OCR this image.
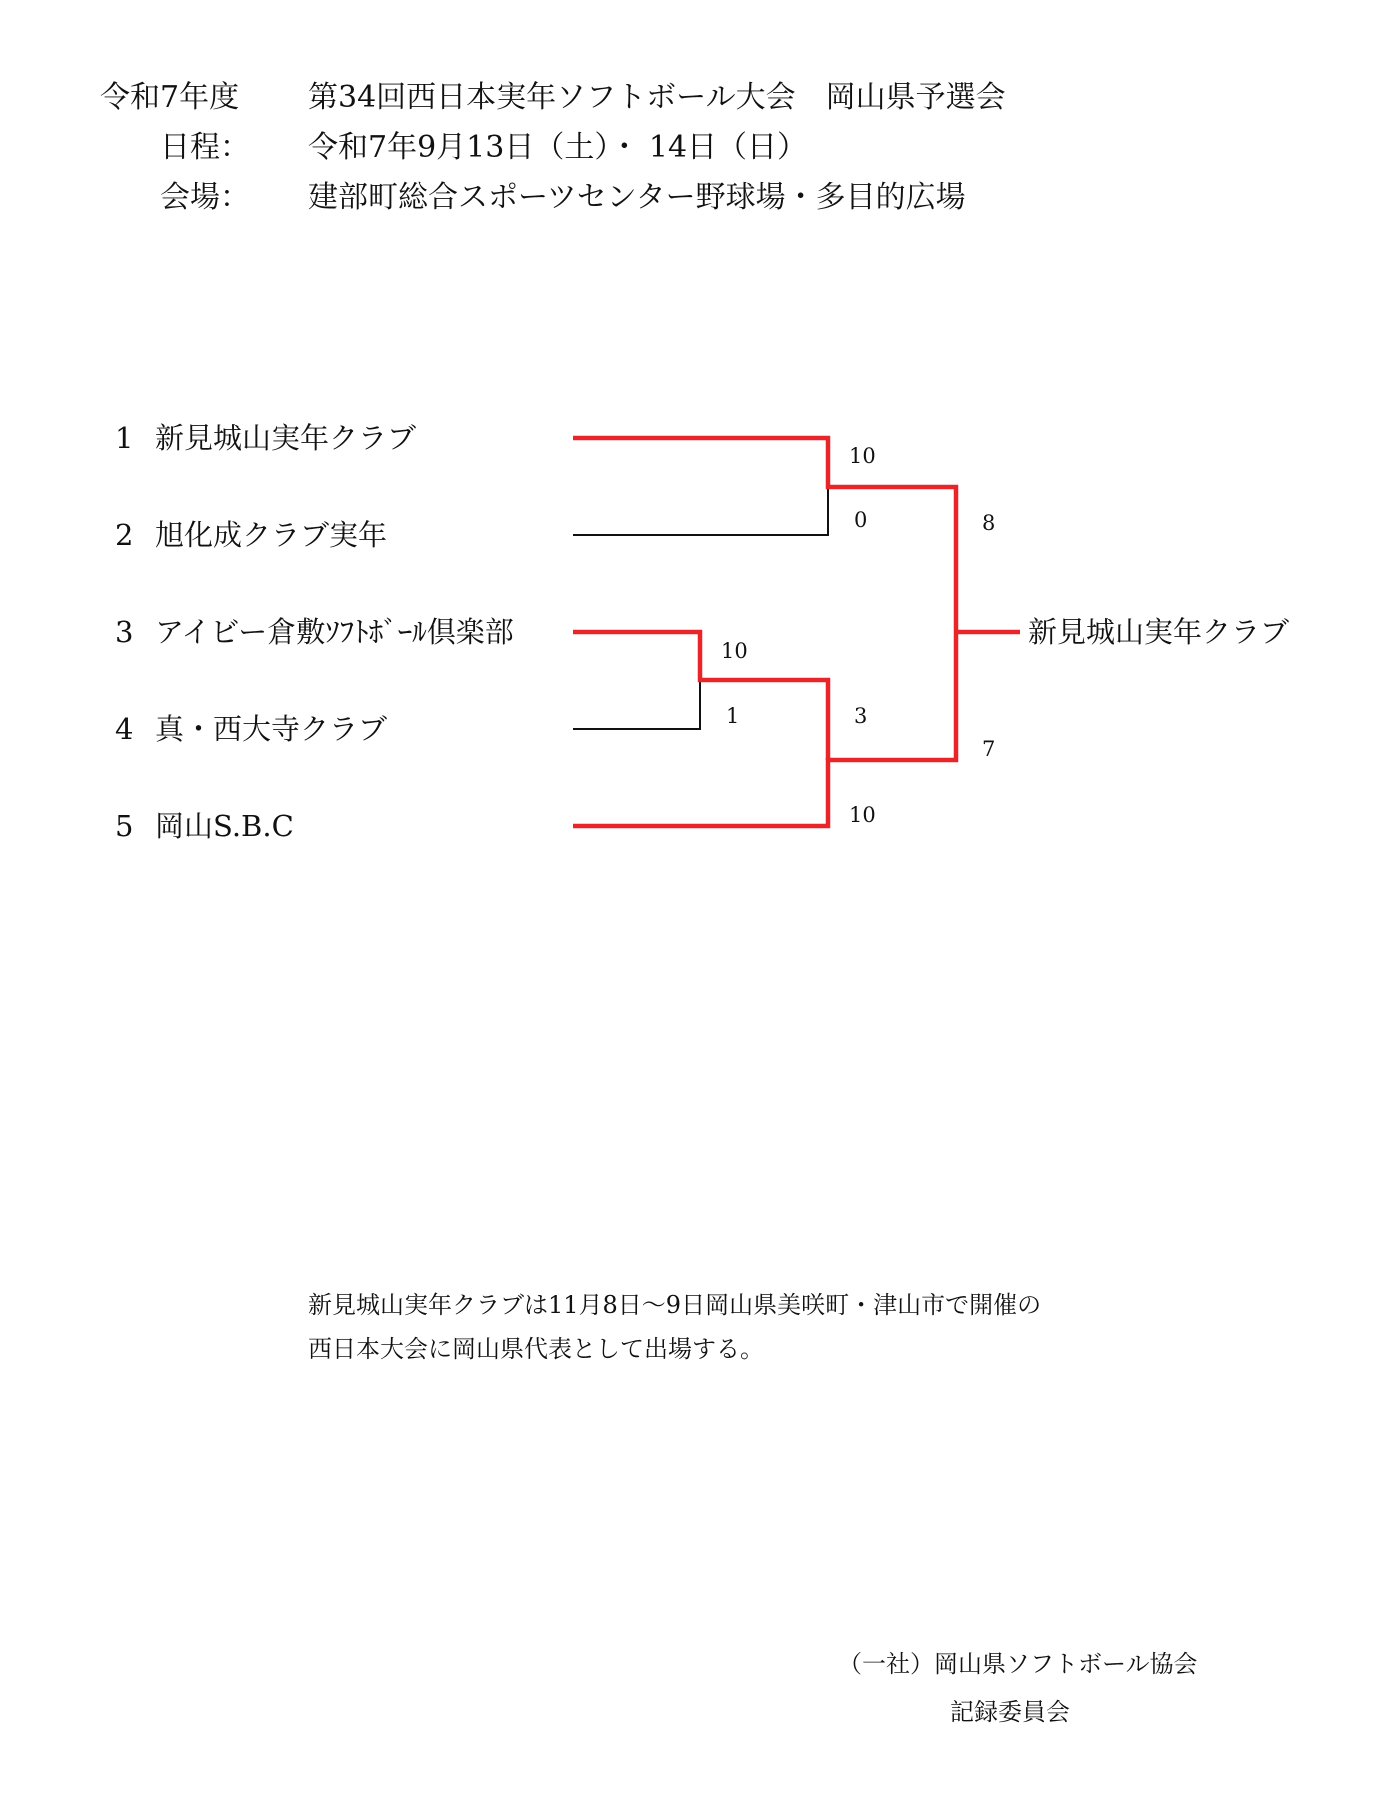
令和7年度 第34回西日本実年ソフトボール大会　岡山県予選会
日程： 令和7年9月13日（土）・ 14日（日）
会場： 建部町総合スポーツセンター野球場・多目的広場
1 新見城山実年クラブ
2 旭化成クラブ実年
3 アイビー倉敷ｿﾌﾄﾎﾞｰﾙ倶楽部
4 真・西大寺クラブ
5 岡山S.B.C
10
0
10
1	3
10
8
7
新見城山実年クラブ
新見城山実年クラブは11月8日～9日岡山県美咲町・津山市で開催の
西日本大会に岡山県代表として出場する。
（一社）岡山県ソフトボール協会
記録委員会
